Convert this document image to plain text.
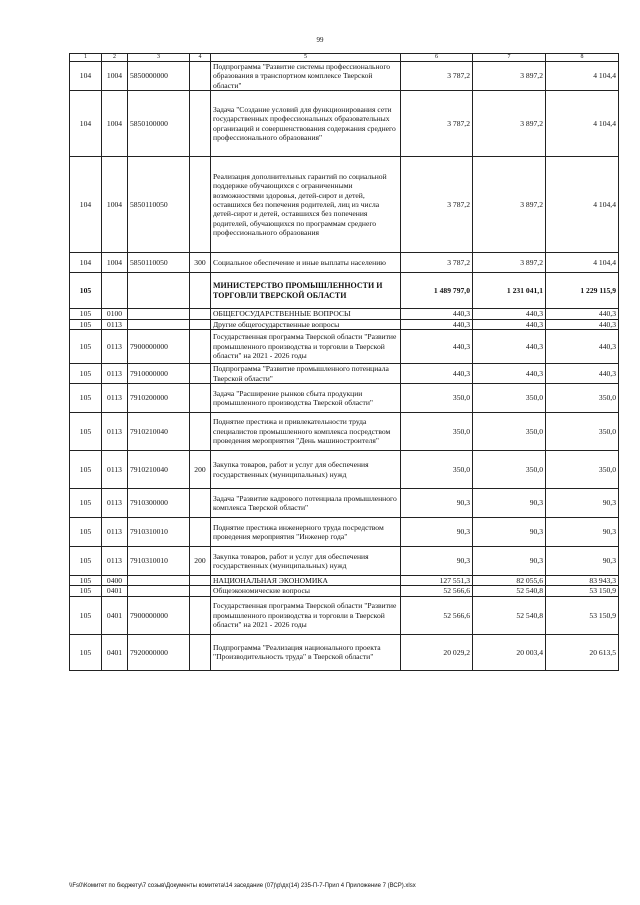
99
1	2	3	4	5	6	7	8
104	1004	5850000000		Подпрограмма "Развитие системы профессионального образования в транспортном комплексе Тверской области"	3 787,2	3 897,2	4 104,4
104	1004	5850100000		Задача "Создание условий для функционирования сети государственных профессиональных образовательных организаций и совершенствования содержания среднего профессионального образования"	3 787,2	3 897,2	4 104,4
104	1004	5850110050		Реализация дополнительных гарантий по социальной поддержке обучающихся с ограниченными возможностями здоровья, детей-сирот и детей, оставшихся без попечения родителей, лиц из числа детей-сирот и детей, оставшихся без попечения родителей, обучающихся по программам среднего профессионального образования	3 787,2	3 897,2	4 104,4
104	1004	5850110050	300	Социальное обеспечение и иные выплаты населению	3 787,2	3 897,2	4 104,4
105				МИНИСТЕРСТВО ПРОМЫШЛЕННОСТИ И ТОРГОВЛИ ТВЕРСКОЙ ОБЛАСТИ	1 489 797,0	1 231 041,1	1 229 115,9
105	0100			ОБЩЕГОСУДАРСТВЕННЫЕ ВОПРОСЫ	440,3	440,3	440,3
105	0113			Другие общегосударственные вопросы	440,3	440,3	440,3
105	0113	7900000000		Государственная программа Тверской области "Развитие промышленного производства и торговли в Тверской области" на 2021 - 2026 годы	440,3	440,3	440,3
105	0113	7910000000		Подпрограмма "Развитие промышленного потенциала Тверской области"	440,3	440,3	440,3
105	0113	7910200000		Задача "Расширение рынков сбыта продукции промышленного производства Тверской области"	350,0	350,0	350,0
105	0113	7910210040		Поднятие престижа и привлекательности труда специалистов промышленного комплекса посредством проведения мероприятия "День машиностроителя"	350,0	350,0	350,0
105	0113	7910210040	200	Закупка товаров, работ и услуг для обеспечения государственных (муниципальных) нужд	350,0	350,0	350,0
105	0113	7910300000		Задача "Развитие кадрового потенциала промышленного комплекса Тверской области"	90,3	90,3	90,3
105	0113	7910310010		Поднятие престижа инженерного труда посредством проведения мероприятия "Инженер года"	90,3	90,3	90,3
105	0113	7910310010	200	Закупка товаров, работ и услуг для обеспечения государственных (муниципальных) нужд	90,3	90,3	90,3
105	0400			НАЦИОНАЛЬНАЯ ЭКОНОМИКА	127 551,3	82 055,6	83 943,3
105	0401			Общеэкономические вопросы	52 566,6	52 540,8	53 150,9
105	0401	7900000000		Государственная программа Тверской области "Развитие промышленного производства и торговли в Тверской области" на 2021 - 2026 годы	52 566,6	52 540,8	53 150,9
105	0401	7920000000		Подпрограмма "Реализация национального проекта "Производительность труда" в Тверской области"	20 029,2	20 003,4	20 613,5
\\Fs0\Комитет по бюджету\7 созыв\Документы комитета\14 заседание (07)\р\дх(14) 235-П-7-Прил 4 Приложение 7 (ВСР).xlsx
